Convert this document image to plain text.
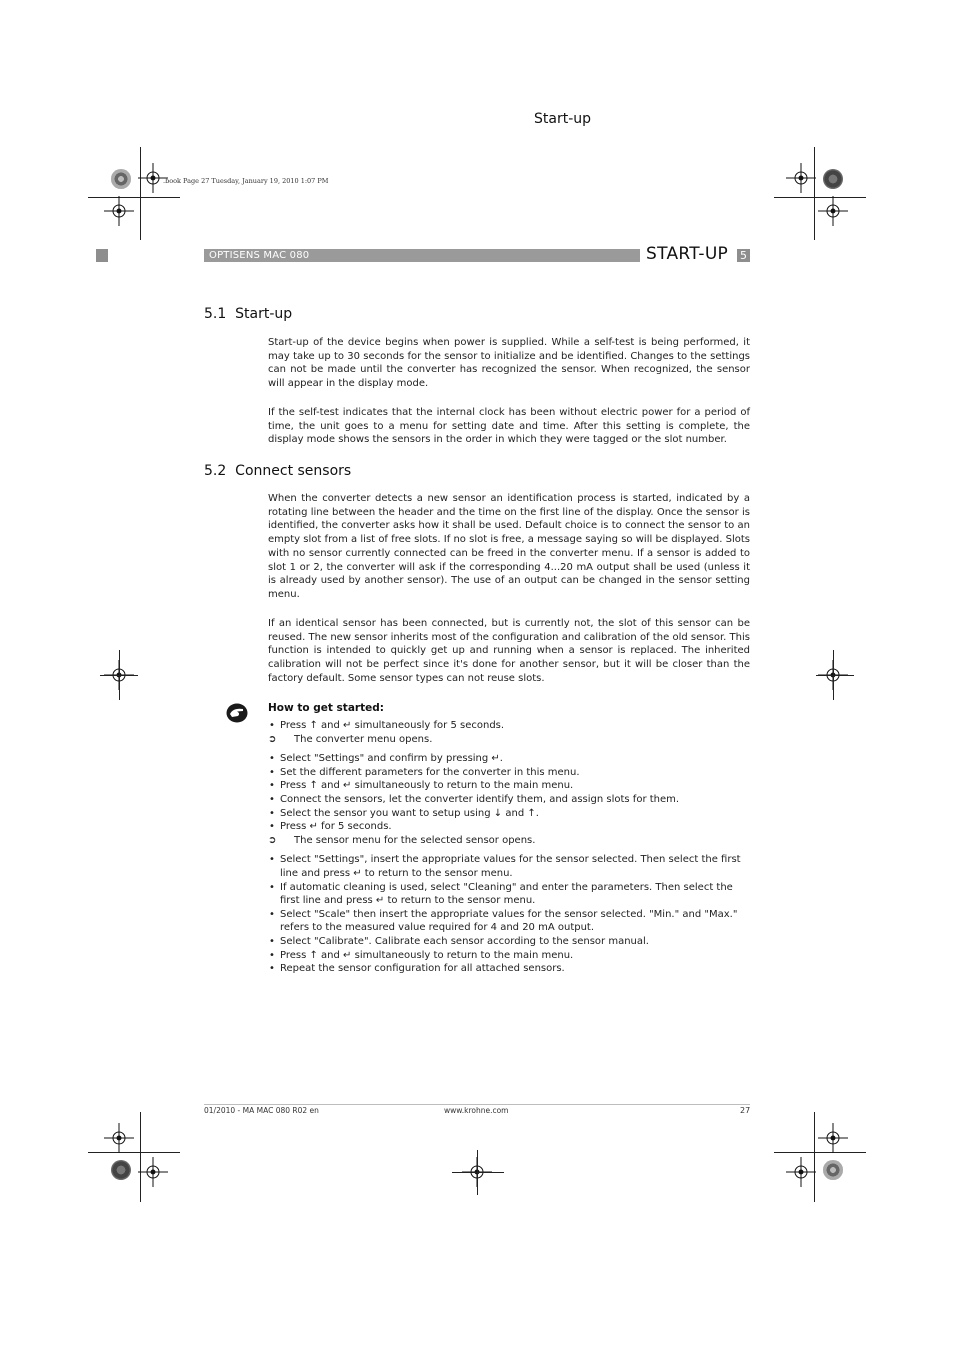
Start-up
.book Page 27 Tuesday, January 19, 2010 1:07 PM
OPTISENS MAC 080	START-UP 5
5.1 Start-up

Start-up of the device begins when power is supplied. While a self-test is being performed, it may take up to 30 seconds for the sensor to initialize and be identified. Changes to the settings can not be made until the converter has recognized the sensor. When recognized, the sensor will appear in the display mode.

If the self-test indicates that the internal clock has been without electric power for a period of time, the unit goes to a menu for setting date and time. After this setting is complete, the display mode shows the sensors in the order in which they were tagged or the slot number.

5.2 Connect sensors

When the converter detects a new sensor an identification process is started, indicated by a rotating line between the header and the time on the first line of the display. Once the sensor is identified, the converter asks how it shall be used. Default choice is to connect the sensor to an empty slot from a list of free slots. If no slot is free, a message saying so will be displayed. Slots with no sensor currently connected can be freed in the converter menu. If a sensor is added to slot 1 or 2, the converter will ask if the corresponding 4...20 mA output shall be used (unless it is already used by another sensor). The use of an output can be changed in the sensor setting menu.

If an identical sensor has been connected, but is currently not, the slot of this sensor can be reused. The new sensor inherits most of the configuration and calibration of the old sensor. This function is intended to quickly get up and running when a sensor is replaced. The inherited calibration will not be perfect since it's done for another sensor, but it will be closer than the factory default. Some sensor types can not reuse slots.

How to get started:
• Press ↑ and ↵ simultaneously for 5 seconds.
➲ The converter menu opens.
• Select "Settings" and confirm by pressing ↵.
• Set the different parameters for the converter in this menu.
• Press ↑ and ↵ simultaneously to return to the main menu.
• Connect the sensors, let the converter identify them, and assign slots for them.
• Select the sensor you want to setup using ↓ and ↑.
• Press ↵ for 5 seconds.
➲ The sensor menu for the selected sensor opens.
• Select "Settings", insert the appropriate values for the sensor selected. Then select the first line and press ↵ to return to the sensor menu.
• If automatic cleaning is used, select "Cleaning" and enter the parameters. Then select the first line and press ↵ to return to the sensor menu.
• Select "Scale" then insert the appropriate values for the sensor selected. "Min." and "Max." refers to the measured value required for 4 and 20 mA output.
• Select "Calibrate". Calibrate each sensor according to the sensor manual.
• Press ↑ and ↵ simultaneously to return to the main menu.
• Repeat the sensor configuration for all attached sensors.
01/2010 - MA MAC 080 R02 en	www.krohne.com	27
